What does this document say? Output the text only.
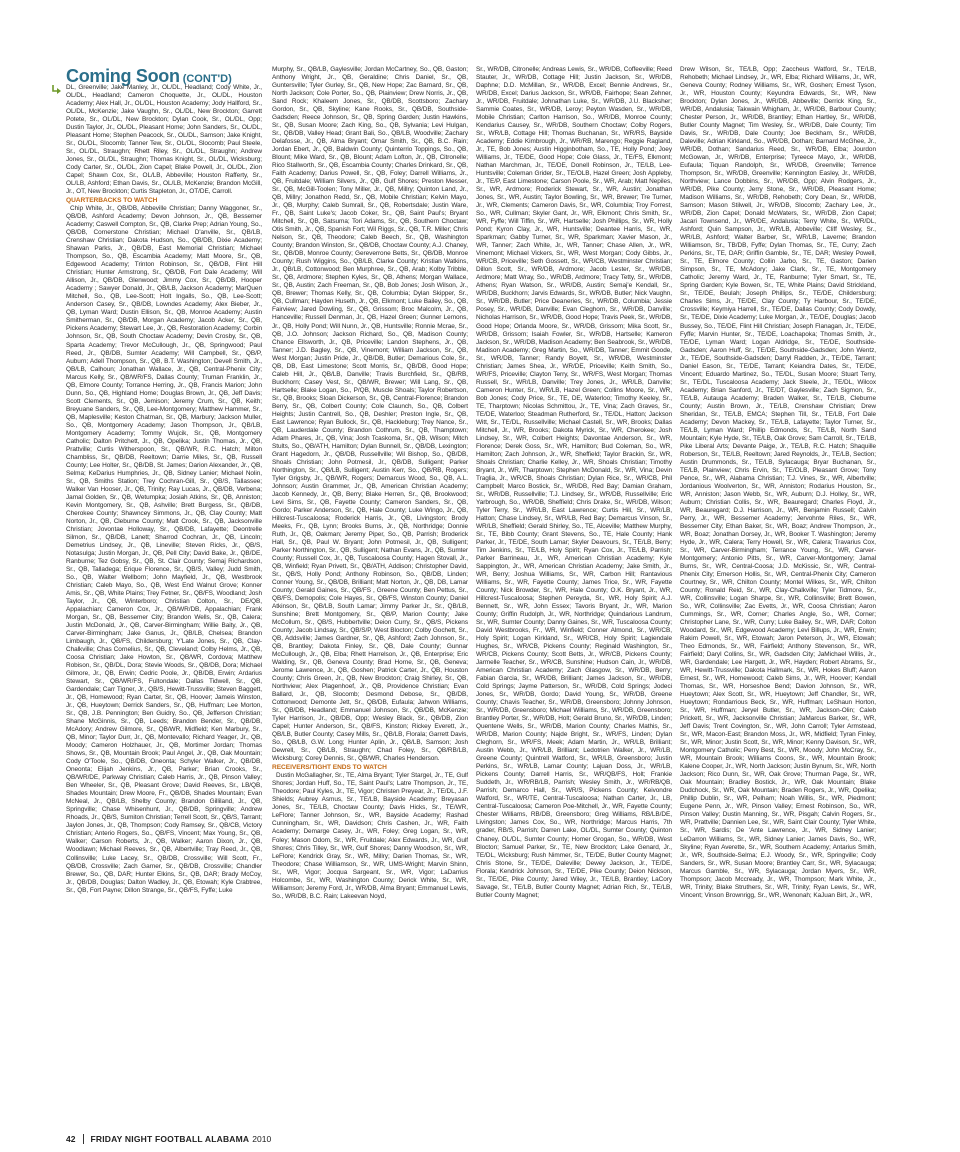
Coming Soon (CONT'D)

DL, Greenville; Jake Manley, Jr., OL/DL, Headland; Cody White, Jr., OL/DL, Headland; Cameron Choquette, Jr., OL/DL, Houston Academy; Alex Hall, Jr., OL/DL, Houston Academy; Jody Hallford, Sr., OL/DL, McKenzie; Jake Vaughn, Sr., OL/DL, New Brockton; Garrett Potete, Sr., OL/DL, New Brockton; Dylan Cook, Sr., OL/DL, Opp; Dustin Taylor, Jr., OL/DL, Pleasant Home; John Sanders, Sr., OL/DL, Pleasant Home; Stephen Peacock, Sr., OL/DL, Samson; Jake Knight, Sr., OL/DL, Slocomb; Tanner Tew, Sr., OL/DL, Slocomb; Paul Steele, Sr., OL/DL, Straughn; Rhett Riley, Sr., OL/DL, Straughn; Andrew Jones, Sr., OL/DL, Straughn; Thomas Knight, Sr., OL/DL, Wicksburg; Cody Carter, Sr., OL/DL, Zion Capel; Blake Powell, Jr., OL/DL, Zion Capel; Shawn Cox, Sr., OL/LB, Abbeville; Houston Rafferty, Sr., OL/LB, Ashford; Ethan Davis, Sr., OL/LB, McKenzie; Brandon McGill, Jr., OT, New Brockton; Curtis Stapleton, Jr., OT/DE, Carroll.

QUARTERBACKS TO WATCH

Chip White, Jr., QB/DB, Abbeville Christian; Danny Waggoner, Sr., QB/DB, Ashford Academy; Devon Johnson, Jr., QB, Bessemer Academy; Caswell Compton, Sr., QB, Clarke Prep; Adrian Young, So., QB/DB, Cornerstone Christian; Michael D'anville, Sr., QB/LB, Crenshaw Christian; Dakota Hudson, So., QB/DB, Dixie Academy; Shawan Parks, Jr., QB/DB, East Memorial Christian; Michael Thompson, So., QB, Escambia Academy; Matt Moore, Sr., QB, Edgewood Academy; Trinton Robinson, Sr., QB/DB, Flint Hill Christian; Hunter Armstrong, Sr., QB/DB, Fort Dale Academy; Will Allison, Jr., QB/DB, Glenwood; Jimmy Cox, Sr., QB/DB, Hooper Academy ; Sawyer Donald, Jr., QB/LB, Jackson Academy; MarQuen Mitchell, So., QB, Lee-Scott; Holt Ingalls, So., QB, Lee-Scott; Anderson Casey, Sr., QB/DB, Lowndes Academy; Alex Bieber, Jr., QB, Lyman Ward; Dustin Ellison, Sr., QB, Monroe Academy; Austin Smitherman, Sr., QB/DB, Morgan Academy; Jacob Acker, Sr., QB, Pickens Academy; Stewart Lee, Jr., QB, Restoration Academy; Corbin Johnson, Sr., QB, South Choctaw Academy; Devin Crosby, Sr., QB, Sparta Academy; Trevor McCullough, Jr., QB, Springwood; Paul Reed, Jr., QB/DB, Sumter Academy; Will Campbell, Sr., QB/P, Auburn; Adell Thompson, Sr., QB, B.T. Washington; Devell Smith, Jr., QB/LB, Calhoun; Jonathan Wallace, Jr., QB, Central-Phenix City; Marcus Kelly, Sr., QB/WR/FS, Dallas County; Truman Franklin, Jr., QB, Elmore County; Torrance Herring, Jr., QB, Francis Marion; John Dunn, So., QB, Highland Home; Douglas Brown, Jr., QB, Jeff Davis; Scott Clements, Sr., QB, Jemison; Jeremy Crum, Sr., QB, Keith; Breyuane Sanders, Sr., QB, Lee-Montgomery; Matthew Hammer, Sr., QB, Maplesville; Keston Chatman, Sr., QB, Marbury; Jackson Muller, So., QB, Montgomery Academy; Jason Thompson, Jr., QB/LB, Montgomery Academy; Tommy Wujcik, Sr., QB, Montgomery Catholic; Dalton Pritchett, Jr., QB, Opelika; Justin Thomas, Jr., QB, Prattville; Curtis Witherspoon, Sr., QB/WR, R.C. Hatch; Milton Chambliss, Sr., QB/DB, Reeltown; Darrie Miles, Sr., QB, Russell County; Lee Holter, Sr., QB/DB, St. James; Darion Alexander, Jr., QB, Selma; KeDarius Humphries, Jr., QB, Sidney Lanier; Michael Nolin, Sr., QB, Smiths Station; Trey Cochran-Gill, Sr., QB/S, Tallassee; Walker Van Hooser, Jr., QB, Trinity; Ray Lucas, Jr., QB/DB, Verbena; Jamal Golden, Sr., QB, Wetumpka; Josiah Atkins, Sr., QB, Anniston; Kevin Montgomery, Sr., QB, Ashville; Brett Burgess, Sr., QB/DB, Cherokee County; Shawncey Simmons, Jr., QB, Clay County; Matt Norton, Jr., QB, Cleburne County; Matt Crook, Sr., QB, Jacksonville Christian; Jovontae Holloway, Sr., QB/DB, Lafayette; Deontrelle Silmon, Sr., QB/DB, Lanett; Sharrod Cochran, Jr., QB, Lincoln; Demetrius Lindsey, Jr., QB, Lineville; Steven Ricks, Jr., QB/S, Notasulga; Justin Morgan, Jr., QB, Pell City; David Bake, Jr., QB/DE, Ranburne; Tez Gobsy, Sr., QB, St. Clair County; Semaj Richardson, Sr., QB, Talladega; Erique Florence, Sr., QB/S, Valley; Judd Smith, So., QB, Walter Wellborn; John Mayfield, Jr., QB, Westbrook Christian; Caleb Mayo, So., QB, West End Walnut Grove; Konner Amis, Sr., QB, White Plains; Trey Fetner, Sr., QB/FS, Woodland; Josh Taylor, Jr., QB, Winterboro; Christian Colton, Sr., DE/QB, Appalachian; Cameron Cox, Jr., QB/WR/DB, Appalachian; Frank Morgan, Sr., QB, Bessemer City; Brandon Wells, Sr., QB, Calera; Justin McDonald, Jr., QB, Carver-Birmingham; Willie Baity, Jr., QB, Carver-Birmingham; Jake Ganus, Jr., QB/LB, Chelsea; Brandon Limbaugh, Jr., QB/FS, Childersburg; Y'Late Jones, Sr., QB, Clay-Chalkville; Chas Cornelius, Sr., QB, Cleveland; Colby Helms, Jr., QB, Coosa Christian; Jake Howton, Sr., QB/WR, Cordova; Matthew Robison, Sr., QB/DL, Dora; Stevie Woods, Sr., QB/DB, Dora; Michael Gilmore, Jr., QB, Erwin; Cedric Poole, Jr., QB/DB, Erwin; Ardarius Stewart, Sr., QB/WR/FS, Fultondale; Dallas Tidwell, Sr., QB, Gardendale; Carr Tigner, Jr., QB/S, Hewitt-Trussville; Steven Baggett, Jr., QB, Homewood; Ryan Carter, Sr., QB, Hoover; Jameis Winston, Jr., QB, Hueytown; Derrick Sanders, Sr., QB, Huffman; Lee Morton, Sr., QB, J.B. Pennington; Ben Guidry, So., QB, Jefferson Christian; Shane McGinnis, Sr., QB, Leeds; Brandon Bender, Sr., QB/DB, McAdory; Andrew Gilmore, Sr., QB/WR, Midfield; Ken Marbury, Sr., QB, Minor; Taylor Durr, Jr., QB, Montevallo; Richard Yeager, Jr., QB, Moody; Cameron Holzhauer, Jr., QB, Mortimer Jordan; Thomas Shows, Sr., QB, Mountain Brook; Paul Angel, Jr., QB, Oak Mountain; Cody O'Toole, So., QB/DB, Oneonta; Schyler Walker, Jr., QB/DB, Oneonta; Elijah Jenkins, Jr., QB, Parker; Brian Crooks, Sr., QB/WR/DE, Parkway Christian; Caleb Harris, Jr., QB, Pinson Valley; Ben Wheeler, Sr., QB, Pleasant Grove; David Reeves, Sr., LB/QB, Shades Mountain; Drew Moore, Fr., QB/DB, Shades Mountain; Evan McNeal, Jr., QB/LB, Shelby County; Brandon Gilliland, Jr., QB, Springville; Chase Whisenhunt, Jr., QB/DB, Springville; Andrew Rhoads, Jr., QB/S, Sumiton Christian; Terrell Scott, Sr., QB/S, Tarrant; Jaylon Jones, Jr., QB, Thompson; Cody Ramsey, Sr., QB/CB, Victory Christian; Anterio Rogers, So., QB/FS, Vincent; Max Young, Sr., QB, Walker; Carson Roberts, Jr., QB, Walker; Aaron Dixon, Jr., QB, Woodlawn; Michael Reeves, Sr., QB, Albertville; Tray Reed, Jr., QB, Collinsville; Luke Lacey, Sr., QB/DB, Crossville; Will Scott, Fr., QB/DB, Crossville; Zach Garner, Sr., QB/DB, Crossville; Chandler Brewer, So., QB, DAR; Hunter Elkins, Sr., QB, DAR; Brady McCoy, Jr., QB/DB, Douglas; Dalton Wadley, Jr., QB, Etowah; Kyle Crabtree, Sr., QB, Fort Payne; Dillon Strange, Sr., QB/FS, Fyffe; Luke

Murphy, Sr., QB/LB, Gaylesville; Jordan McCartney, So., QB, Gaston; Anthony Wright, Jr., QB, Geraldine; Chris Daniel, Sr., QB, Guntersville; Tyler Gurley, Sr., QB, New Hope; Zac Barnard, Sr., QB, North Jackson; Cole Porter, So., QB, Plainview; Drew Norris, Jr., QB, Sand Rock; Khaleem Jones, Sr., QB/DB, Scottsboro; Zachary Gordon, Sr., QB, Skyline; Kane Rooks, Sr., QB/DB, Southside-Gadsden; Reece Johnson, Sr., QB, Spring Garden; Justin Hawkins, Sr., QB, Susan Moore; Zach King, So., QB, Sylvania; Levi Hulgan, Sr., QB/DB, Valley Head; Grant Bali, So., QB/LB, Woodville; Zachary Delafosse, Jr., QB, Alma Bryant; Omar Smith, Sr., QB, B.C. Rain; Jordan Ebert, Jr., QB, Baldwin County; Quinterrio Toppings, So., QB, Blount; Mike Ward, Sr., QB, Blount; Adam Lofton, Jr., QB, Citronelle; Rico Stallworth, Sr., QB, Escambia County; Charles Drinkard, Sr., QB, Faith Academy; Darius Powell, Sr., QB, Foley; Darrell Williams, Jr., QB, Fruitdale; William Silvers, Jr., QB, Gulf Shores; Preston Messer, Sr., QB, McGill-Toolen; Tony Miller, Jr., QB, Millry; Quinton Land, Jr., QB, Millry; Jonathon Redd, Sr., QB, Mobile Christian; Kelvin Mayo, Jr., QB, Murphy; Caleb Sumrall, Sr., QB, Robertsdale; Justin Ware, Fr., QB, Saint Luke's; Jacob Coker, Sr., QB, Saint Paul's; Bryant Mitchell, Sr., QB, Satsuma; Tori Adams, Sr., QB, Southern Choctaw; Otis Smith, Jr., QB, Spanish Fort; Wil Riggs, Sr., QB, T.R. Miller; Chris Nelson, Sr., QB, Theodore; Caleb Beech, Sr., QB, Washington County; Brandon Winston, Sr., QB/DB, Choctaw County; A.J. Chaney, Sr., QB/DB, Monroe County; Gereverrone Betts, Sr., QB/DB, Monroe County; Rush Wiggins, So., QB/LB, Clarke County; Kristian Watkins, Jr., QB/LB, Cottonwood; Ben Murphree, Sr., QB, Arab; Kolby Tribble, Sr., QB, Ardmore; Stephen Kyles, Sr., QB, Athens; Morgan Wallace, Sr., QB, Austin; Zach Freeman, Sr., QB, Bob Jones; Josh Wilson, Jr., QB, Brewer; Thomas Kelly, Sr., QB, Columbia; Dylan Skipper, Sr., QB, Cullman; Hayden Huseth, Jr., QB, Elkmont; Luke Bailey, So., QB, Fairview; Jared Dowling, Sr., QB, Grissom; Broc Malcolm, Jr., QB, Hanceville; Russell Denman, Jr., QB, Hazel Green; Gunner Lemons, Jr., QB, Holly Pond; Will Nunn, Jr., QB, Huntsville; Ronnie Mcrae, Sr., QB, J.O. Johnson; Jackson Richard, So., QB, Madison County; Chance Ellsworth, Jr., QB, Priceville; Landon Stephens, Jr., QB, Tanner; J.D. Bagley, Sr., QB, Vinemont; William Jackson, Sr., QB, West Morgan; Justin Pride, Jr., QB/DB, Butler; Demarious Cole, Sr., QB, DB, East Limestone; Scott Morris, Sr., QB/DB, Good Hope; Caleb Hill, Jr., QB/LB, Danville; Travis Burchfield, Sr., QB/RB, Buckhorn; Casey Vest, Sr., QB/WR, Brewer; Will Lang, Sr., QB, Hartselle; Blake Logan, So., P/QB, Muscle Shoals; Taylor Robertson, Sr., QB, Brooks; Sloan Dickerson, Sr., QB, Central-Florence; Brandon Berry, Sr., QB, Colbert County; Cole Claunch, So., QB, Colbert Heights; Justin Cantrell, So., QB, Deshler; Preston Ingle, Sr., QB, East Lawrence; Ryan Bullock, Sr., QB, Hackleburg; Trey Nance, Sr., QB, Lauderdale County; Brandon Cothrum, Sr., QB, Thamptown; Adam Phares, Jr., QB, Vina; Josh Tcaskoma, Sr., QB, Wilson; Mitch Stults, So., QB/ATH, Hamilton; Dylan Bunnell, Sr., QB/DB, Lexington; Grant Hagedorn, Jr., QB/DB, Russellville; Wil Bishop, So., QB/DB, Shoals Christian; John Potmesil, Jr., QB/DB, Sulligent; Parker Northington, Sr., QB/LB, Sulligent; Austin Kerr, So., QB/RB, Rogers; Tyler Grigsby, Jr., QB/WR, Rogers; Demarcus Wood, So., QB, A.L. Johnson; Austin Grammer, Jr., QB, American Christian Academy; Jacob Kennedy, Jr., QB, Berry; Blake Herren, Sr., QB, Brookwood; Levi Sims, Sr., QB, Fayette County; Cameron Sanders, Sr., QB, Gordo; Parker Anderson, Sr., QB, Hale County; Luke Wingo, Jr., QB, Hillcrest-Tuscaloosa; Roderick Harris, Jr., QB, Livingston; Brody Meeks, Fr., QB, Lynn; Brooks Burns, Jr., QB, Northridge; Donnie Ruth, Jr., QB, Oakman; Jeremy Piper, So., QB, Parrish; Broderick Hall, Sr., QB, Paul W. Bryant; John Potmesil, Jr., QB, Sulligent; Parker Northington, Sr., QB, Sulligent; Nathan Evans, Jr., QB, Sumter County; Russell Cox, Jr., QB, Tuscaloosa County; Hagen Stovall, Jr., QB, Winfield; Ryan Privett, Sr., QB/ATH, Addison; Christopher David, Sr., QB/S, Holly Pond; Anthony Robinson, So., QB/DB, Linden; Conner Young, Sr., QB/DB, Brilliant; Matt Norton, Jr., QB, DB, Lamar County; Gerald Gaines, Sr., QB/FS , Greene County; Ben Pettus, Sr., QB/FS, Demopolis; Cole Hayes, Sr., QB/FS, Winston County; Daniel Atkinson, Sr., QB/LB, South Lamar; Jimmy Parker Jr., Sr., QB/LB, Sunshine; Brett Montgomery, Sr., QB/P, Marion County; Jake McCollum, Sr., QB/S, Hubbertville; Deion Curry, Sr., QB/S, Pickens County; Jacob Lindsay, Sr., QB/S/P, West Blocton; Colby Gochett, Sr., QB, Addsville; James Gardner, Sr., QB, Ashford; Zach Johnson, Sr., QB, Brantley; Dakota Finley, Sr., QB, Dale County; Gunnar McCullough, Jr., QB, Elba; Rhett Harrelson, Jr., QB, Enterprise; Eric Walding, Sr., QB, Geneva County; Brad Horne, Sr., QB, Geneva; Jerome Lawrence, Jr., QB, Goshen; Patrick Carter, Jr., QB, Houston County; Chris Green, Jr., QB, New Brockton; Craig Shirley, Sr., QB, Northview; Alex Plagenhoef, Jr., QB, Providence Christian; Evan Ballard, Jr., QB, Slocomb; Desmond Debose, Sr., QB/DB, Cottonwood; Demonte Jett, Sr., QB/DB, Eufaula; Jahwon Williams, Sr., QB/DB, Headland; Emmanuel Johnson, Sr., QB/DB, McKenzie; Tyler Harrison, Jr., QB/DB, Opp; Wesley Black, Sr., QB/DB, Zion Capel; Hunter Anderson, Sr., QB/FS, Kinston; Rickey Everett, Jr., QB/LB, Butler County; Casey Mills, Sr., QB/LB, Florala; Garrett Davis, So., QB/LB, G.W. Long; Hunter Aplin, Jr., QB/LB, Samson; Josh Dewrell, Sr., QB/LB, Straughn; Chad Foley, Sr., QB/RB/LB, Wicksburg; Corey Dennis, Sr., QB/WR, Charles Henderson.

RECEIVERS/TIGHT ENDS TO WATCH

Dustin McGallagher, Sr., TE, Alma Bryant; Tyler Stargel, Jr., TE, Gulf Shores; Jordan Huff, So., TE, Saint Paul's; Latre Thompson, Jr., TE, Theodore; Paul Kyles, Jr., TE, Vigor; Christen Preyear, Jr., TE/DL, J.F. Shields; Aubrey Asmus, Sr., TE/LB, Bayside Academy; Breyasan Jones, Sr., TE/LB, Choctaw County; Davis Hicks, Sr., TE/WR, LeFlore; Tanner Johnson, Sr., WR, Bayside Academy; Rashad Cunningham, Sr., WR, Davidson; Chris Cashen, Jr., WR, Faith Academy; Demarge Casey, Jr., WR, Foley; Greg Logan, Sr., WR, Foley; Mason Odom, Sr., WR, Fruitdale; Alex Edwards, Jr., WR, Gulf Shores; Chris Tilley, Sr., WR, Gulf Shores; Danny Woodson, Sr., WR, LeFlore; Kendrick Gray, Sr., WR, Millry; Darien Thomas, Sr., WR, Theodore; Chase Williamson, Sr., WR, UMS-Wright; Marvin Shinn, Sr., WR, Vigor; Jocqua Sargeant, Sr., WR, Vigor; LaDarrius Holcombe, Sr., WR, Washington County; Derick White, Sr., WR, Williamson; Jeremy Ford, Jr., WR/DB, Alma Bryant; Emmanuel Lewis, So., WR/DB, B.C. Rain; Lakeevan Noyd,

Sr., WR/DB, Citronelle; Andreas Lewis, Sr., WR/DB, Coffeeville; Reed Stauter, Jr., WR/DB, Cottage Hill; Justin Jackson, Sr., WR/DB, Daphne; D.D. McMillan, Sr., WR/DB, Excel; Bennie Andrews, Sr., WR/DB, Excel; Darius Jackson, Sr., WR/DB, Fairhope; Sean Zehner, Jr., WR/DB, Fruitdale; Johnathan Luke, Sr., WR/DB, J.U. Blacksher; Sammie Coates, Sr., WR/DB, Leroy; Peyton Wasden, Sr., WR/DB, Mobile Christian; Carlton Harrison, So., WR/DB, Monroe County; Kendarius Causey, Sr., WR/DB, Southern Choctaw; Colby Rogers, Sr., WR/LB, Cottage Hill; Thomas Buchanan, Sr., WR/RS, Bayside Academy; Eddie Kimbrough, Jr., WR/RB, Marengo; Reggie Ragland, Jr., TE, Bob Jones; Austin Higginbotham, So., TE, Holly Pond; Joey Williams, Jr., TE/DE, Good Hope; Cole Glass, Jr., TE/FS, Elkmont; Nathan Marchman, Jr., TE/DE, Donell Robinson, Jr., TE/LB, Lee-Huntsville; Coleman Grider, Sr., TE/OLB, Hazel Green; Josh Appleby, Jr., TE/P, East Limestone; Carson Poole, Sr., WR, Arab; Matt Nepiles, Sr., WR, Ardmore; Roderick Stewart, Sr., WR, Austin; Jonathan Jones, Sr., WR, Austin; Taylor Bowling, Sr., WR, Brewer; Tre Turner, Jr., WR, Clements; Cameron Davis, Sr., WR, Columbia; Troy Forrest, So., WR, Cullman; Skyler Gant, Jr., WR, Elkmont; Chris Smith, Sr., WR, Fyffe; Will Tiffin, Sr., WR, Hartselle; Josh Phillips, Sr., WR, Holly Pond; Kyron Clay, Jr., WR, Huntsville; Deantee Harris, Sr., WR, Sparkman; Gabby Turner, Sr., WR, Sparkman; Xavier Mason, Jr., WR, Tanner; Zach White, Jr., WR, Tanner; Chase Allen, Jr., WR, Vinemont; Michael Vickers, Sr., WR, West Morgan; Cody Gibbs, Jr., WR/CB, Priceville; Seth Gossett, Sr., WR/CB, Westminster Christian; Dillon Scott, Sr., WR/DB, Ardmore; Jacob Lester, Sr., WR/DB, Ardmore; Matt Wray, So., WR/DB, Ardmore; Tracy Tetty, Sr., WR/DB, Athens; Ryan Watson, Sr., WR/DB, Austin; Semaj'e Kendall, Sr., WR/DB, Buckhorn; Jarvis Edwards, Sr., WR/DB, Butler; Nick Vaughn, Sr., WR/DB, Butler; Price Deaneries, Sr., WR/DB, Columbia; Jessie Posey, Sr., WR/DB, Danville; Evan Cleghorn, Sr., WR/DB, Danville; Nicholas Harrison, Sr., WR/DB, Good Hope; Travis Peek, Sr., WR/DB, Good Hope; Orlanda Moore, Sr., WR/DB, Grissom; Mika Scott, Sr., WR/DB, Grissom; Isaiah Fowler, Sr., WR/DB, Hartselle; Kameron Jackson, Sr., WR/DB, Madison Academy; Ben Seabrook, Sr., WR/DB, Madison Academy; Greg Martin, So., WR/DB, Tanner; Emmit Goode, Sr., WR/DB, Tanner; Randy Boyett, Sr., WR/DB, Westminster Christian; James Shea, Jr., WR/DE, Priceville; Keith Smith, So., WR/FS, Priceville; Clayton Terry, Sr., WR/FS, West Morgan; Thomas Russell, Sr., WR/LB, Danville; Trey Jones, Jr., WR/LB, Danville; Cameron Hunter, Sr., WR/LB, Hazel Green; Collins Moore, Sr., WR, Bob Jones; Cody Price, Sr., TE, DE, Waterloo; Timothy Keeley, Sr., TE, Tharptown; Nicolas Schmittou, Jr., TE, Vina; Zach Graves, Sr., TE/DE, Waterloo; Steadman Rutherford, Sr., TE/DL, Hatton; Jackson Witt, Sr., TE/DL, Russellville; Michael Castell, Sr., WR, Brooks; Dallas Mitchell, Jr., WR, Brooks; Dakota Myrick, Sr., WR, Cherokee; Josh Lindsey, Sr., WR, Colbert Heights; Davontae Anderson, Sr., WR, Florence; Derek Goss, Sr., WR, Hamilton; Bud Coleman, So., WR, Hamilton; Zach Johnson, Jr., WR, Sheffield; Taylor Brackin, Sr., WR, Shoals Christian; Charlie Kelley, Jr., WR, Shoals Christian; Timothy Bryant, Jr., WR, Tharptown; Stephen McDonald, Sr., WR, Vina; Devin Traglia, Jr., WR/CB, Shoals Christian; Dylan Rice, Sr., WR/CB, Phil Campbell; Marco Bostick, Sr., WR/DB, Red Bay; Damian Graham, Sr., WR/DB, Russellville; T.J. Lindsey, Sr., WR/DB, Russellville; Eric Yarbrough, So., WR/DB, Sheffield; Chris Drake, Sr., WR/DB, Wilson; Tyler Terry, Sr., WR/LB, East Lawrence; Curtis Hill, Sr., WR/LB, Hatton; Chase Lindsey, Sr., WR/LB, Red Bay; Demarcus Vinson, Sr., WR/LB, Sheffield; Gerald Shirley, So., TE, Alceville; Matthew Murphy, Sr., TE, Bibb County; Grant Stevens, So., TE, Hale County; Hank Parker, Jr., TE/DE, South Lamar; Skyler Deavours, Sr., TE/LB, Berry; Tim Jenkins, Sr., TE/LB, Holy Spirit; Ryan Cox, Jr., TE/LB, Parrish; Parker Barrineau, Jr., WR, American Christian Academy; Kyle Sappington, Jr., WR, American Christian Academy; Jake Smith, Jr., WR, Berry; Joshua Williams, Sr., WR, Carbon Hill; Rantavious Williams, Sr., WR, Fayette County; James Trice, Sr., WR, Fayette County; Nick Browder, Sr., WR, Hale County; O.K. Bryant, Jr., WR, Hillcrest-Tuscaloosa; Stephen Pereyda, Sr., WR, Holy Spirit; A.J. Bennett, Sr., WR, John Essex; Tavoris Bryant, Jr., WR, Marion County; Griffin Rudolph, Jr., WR, Northridge; Quindarious Landrum, Sr., WR, Sumter County; Danny Gaines, Sr., WR, Tuscaloosa County; David Westbrooks, Fr., WR, Winfield; Conner Almond, Sr., WR/CB, Holy Spirit; Logan Kirkland, Sr., WR/CB, Holy Spirit; Lagiendale Hughes, Sr., WR/CB, Pickens County; Reginald Washington, Sr., WR/CB, Pickens County; Scott Betts, Jr., WR/CB, Pickens County; Jarmelle Teacher, Sr., WR/CB, Sunshine; Hudson Cain, Jr., WR/DB, American Christian Academy; Zach Glasgow, Sr., WR/DB, Berry; Fabian Garcia, Sr., WR/DB, Brilliant; James Jackson, Sr., WR/DB, Cold Springs; Jayme Patterson, Sr., WR/DB, Cold Springs; Jodeci Jones, Sr., WR/DB, Gordo; David Young, Sr., WR/DB, Greene County; Chavis Teacher, Sr., WR/DB, Greensboro; Johnny Johnson, Sr., WR/DB, Greensboro; Michael Williams, Sr., WR/DB, Greensboro; Brantley Porter, Sr., WR/DB, Holt; Gerald Bruno, Sr., WR/DB, Linden; Quentene Wells, Sr., WR/DB, Marion County; Charles Mathis, Sr., WR/DB, Marion County; Najde Bright, Sr., WR/FS, Linden; Dylan Cleghorn, Sr., WR/FS, Meek; Adam Martin, Jr., WR/LB, Brilliant; Austin Webb, Jr., WR/LB, Brilliant; Ledotrien Walker, Jr., WR/LB, Greene County; Quintrell Watford, Sr., WR/LB, Greensboro; Justin Perkins, Sr., WR/LB, Lamar County; Lajuan Doss, Jr., WR/LB, Pickens County; Darrell Harris, Sr., WR/QB/FS, Holt; Frankie Suddeth, Jr., WR/RB/LB, Parrish; Wesley Smith, Jr., WR/RB/QB, Parrish; Demarco Hall, Sr., WR/S, Pickens County; Keivondre Watford, Sr., WR/TE, Central-Tuscaloosa; Nathan Carter, Jr., LB, Central-Tuscaloosa; Cameron Poe-Mitchell, Jr., WR, Fayette County; Chester Williams, RB/DB, Greensboro; Greg Williams, RB/LB/DE, Livingston; James Cox, So., WR, Northridge; Marcus Harris, 7th grader, RB/S, Parrish; Darren Lake, OL/DL, Sumter County; Quinton Chaney, OL/DL, Sumter County; Homer Grogan, So., WR/DB, West Blocton; Samuel Parker, Sr., TE, New Brockton; Lake Genard, Jr., TE/DL, Wicksburg; Rush Nimmer, Sr., TE/DE, Butler County Magnet; Chris Stone, Sr., TE/DE, Daleville; Dewey Jackson, Jr., TE/DE, Florala; Kendrick Johnson, Sr., TE/DE, Pike County; Deion Nickson, Sr., TE/DE, Pike County; Jared Wiley, Jr., TE/LB, Brantley; LaCory Savage, Sr., TE/LB, Butler County Magnet; Adrian Rich, Sr., TE/LB, Butler County Magnet;

Drew Wilson, Sr., TE/LB, Opp; Zaccheus Watford, Sr., TE/LB, Rehobeth; Michael Lindsey, Jr., WR, Elba; Richard Williams, Jr., WR, Geneva County; Rodney Williams, Sr., WR, Goshen; Ernest Tyson, Jr., WR, Houston County; Keyundra Edwards, Sr., WR, New Brockton; Dylan Jones, Jr., WR/DB, Abbeville; Derrick King, Sr., WR/DB, Andalusia; Takwain Whigham, Jr., WR/DB, Barbour County; Chester Person, Jr., WR/DB, Brantley; Ethan Hartley, Sr., WR/DB, Butler County Magnet; Tim Wesley, Sr., WR/DB, Dale County; Tim Davis, Sr., WR/DB, Dale County; Joe Beckham, Sr., WR/DB, Daleville; Adrian Kirkland, So., WR/DB, Dothan; Barnard McGhee, Jr., WR/DB, Dothan; Sandarius Reed, Sr., WR/DB, Elba; Jourdon McGowan, Jr., WR/DB, Enterprise; Tyreece Mayo, Jr., WR/DB, Eufaula; Tiquan Randolph, Sr., WR/DB, Greenville; Terrence Thompson, Sr., WR/DB, Greenville; Kennington Easley, Jr., WR/DB, Northview; Lance Dobbins, Sr., WR/DB, Opp; Alvin Rodgers, Jr., WR/DB, Pike County; Jerry Stone, Sr., WR/DB, Pleasant Home; Madison Williams, Sr., WR/DB, Rehobeth; Cory Dean, Sr., WR/DB, Samson; Mason Stilwell, Jr., WR/DB, Slocomb; Zachary Lee, Jr., WR/DB, Zion Capel; Donald McWaters, Sr., WR/DB, Zion Capel; Jacari Townsend, Jr., WR/DE, Andalusia; Terry White, Sr., WR/DL, Ashford; Quin Sampson, Jr., WR/LB, Abbeville; Cliff Wesley, Sr., WR/LB, Ashford; Walter Barber, Sr., WR/LB, Laverne; Brandon Williamson, Sr., TB/DB, Fyffe; Dylan Thomas, Sr., TE, Curry; Zach Perkins, Sr., TE, DAR; Griffin Gamble, Sr., TE, DAR; Wesley Powell, Sr., TE, Elmore County; Collin Jarbo, Sr., TE, Gaston; Darien Simpson, Sr., TE, McAdory; Jake Clark, Sr., TE, Montgomery Catholic; Jeremy Ward, Jr., TE, Ranburne; Tyler Smart, Sr., TE, Spring Garden; Kyle Bowen, Sr., TE, White Plains; David Strickland, Sr., TE/DE, Beulah; Joseph Phillips, Sr., TE/DE, Childersburg; Charles Sims, Jr., TE/DE, Clay County; Ty Harbour, Sr., TE/DE, Crossville; Keymiya Harrell, Sr., TE/DE, Dallas County; Cody Dowdy, Sr., TE/DE, Dixie Academy; Luke Morgan, Jr., TE/DE, Douglas; Jacob Bussey, So., TE/DE, Flint Hill Christian; Joseph Flanagan, Jr., TE/DE, Fyffe; Marvin Hunter, Sr., TE/DE, Loachapoka; Thomas Smith, Jr., TE/DE, Lyman Ward; Logan Aldridge, Sr., TE/DE, Southside-Gadsden; Aaron Huff, Sr., TE/DE, Southside-Gadsden; John Wentz, Jr., TE/DE, Southside-Gadsden; Darryl Radden, Jr., TE/DE, Tarrant; Daniel Eason, Sr., TE/DE, Tarrant; Keiandra Dates, Sr., TE/DE, Vincent; Eduardo Martinez, So., TE/DL, Susan Moore; Stuart Terry, Sr., TE/DL, Tuscaloosa Academy; Jack Steele, Jr., TE/DL, Wilcox Academy; Brian Sanford, Jr., TE/DT, Gaylesville; Zach Sigmon, Sr., TE/LB, Autauga Academy; Braden Walker, Sr., TE/LB, Cleburne County; Austin Brown, Jr., TE/LB, Crenshaw Christian; Drew Sheridan, Sr., TE/LB, EMCA; Stephen Till, Sr., TE/LB, Fort Dale Academy; Devon Mackey, Sr., TE/LB, Lafayette; Taylor Turner, Sr., TE/LB, Lyman Ward; Phillip Edmonds, Sr., TE/LB, North Sand Mountain; Kyle Hyde, Sr., TE/LB, Oak Grove; Sam Carroll, Sr., TE/LB, Pike Liberal Arts; Devante Paige, Jr., TE/LB, R.C. Hatch; Shaquille Roberson, Sr., TE/LB, Reeltown; Jared Reynolds, Jr., TE/LB, Section; Austin Drummonds, Sr., TE/LB, Sylacauga; Bryar Buchanan, Sr., TE/LB, Plainview; Chris Ervin, Sr., TE/OLB, Pleasant Grove; Tony Pence, Sr., WR, Alabama Christian; T.J. Vines, Sr., WR, Albertville; Jordanious Woolverton, Sr., WR, Anniston; Rodarius Houston, Sr., WR, Anniston; Jason Webb, Sr., WR, Auburn; D.J. Holley, Sr., WR, Auburn; Christian Collis, Sr., WR, Beauregard; Charles Floyd, Jr., WR, Beauregard; D.J. Harrison, Jr., WR, Benjamin Russell; Calvin Perry, Jr., WR, Bessemer Academy; Jervohnte Riles, Sr., WR, Bessemer City; Ethan Baker, Sr., WR, Boaz; Andrew Thompson, Jr., WR, Boaz; Jonathan Dorsey, Jr., WR, Booker T. Washington; Jeremy Hyde, Jr., WR, Calera; Terry Howell, Sr., WR, Calera; Travarius Cox, Sr., WR, Carver-Birmingham; Terrance Young, Sr., WR, Carver-Montgomery; Antonio Pitts, Sr., WR, Carver-Montgomery; Jamal Burns, Sr., WR, Central-Coosa; J.D. McKissic, Sr., WR, Central-Phenix City; Emerson Hollis, Sr., WR, Central-Phenix City; Cameron Courtney, Sr., WR, Chilton County; Montel Wilkes, Sr., WR, Chilton County; Ronald Reid, Sr., WR, Clay-Chalkville; Tyler Tidmore, Sr., WR, Collinsville; Logan Sharpe, Sr., WR, Collinsville; Brett Bowen, So., WR, Collinsville; Zac Evetts, Jr., WR, Coosa Christian; Aaron Cummings, Sr., WR, Corner; Charles Angle, So., WR, Corner; Christopher Lane, Sr., WR, Curry; Luke Bailey, Sr., WR, DAR; Colton Woodard, Sr., WR, Edgewood Academy; Levi Billups, Jr., WR, Erwin; Rakim Powell, Sr., WR, Etowah; Jaron Peterson, Jr., WR, Etowah; Theo Edmonds, Sr., WR, Fairfield; Anthony Stevenson, Sr., WR, Fairfield; Daryl Collins, Sr., WR, Gadsden City; JaMichael Willis, Jr., WR, Gardendale; Lee Hargett, Jr., WR, Hayden; Robert Abrams, Sr., WR, Hewitt-Trussville; Dakota Hallmark, Sr., WR, Hokes Bluff; Aaron Ernest, Sr., WR, Homewood; Caleb Sims, Jr., WR, Hoover; Kendall Thomas, Sr., WR, Horseshoe Bend; Davion Johnson, Sr., WR, Hueytown; Alex Scott, Sr., WR, Hueytown; Jeff Chandler, Sr., WR, Hueytown; Rondarrious Beck, Sr., WR, Huffman; LeShaun Horton, Sr., WR, Huffman; Jeryel Butler, Sr., WR, Jackson-Olin; Caleb Prickett, Sr., WR, Jacksonville Christian; JaMarcus Barker, Sr., WR, Jeff Davis; Trent Covington, Sr., WR, John Carroll; Tyler Armstead, Sr., WR, Macon-East; Brandon Moss, Jr., WR, Midfield; Tyran Finley, Sr., WR, Minor; Justin Scott, Sr., WR, Minor; Kenny Davison, Sr., WR, Montgomery Catholic; Perry Best, Sr., WR, Moody; John McCray, Sr., WR, Mountain Brook; Williams Coons, Sr., WR, Mountain Brook; Kalene Cooper, Jr., WR, North Jackson; Justin Bynum, Sr., WR, North Jackson; Rico Dunn, Sr., WR, Oak Grove; Thurman Page, Sr., WR, Oak Mountain; Bradley Bostick, Jr., WR, Oak Mountain; Blake Dudchock, Sr., WR, Oak Mountain; Braden Rogers, Jr., WR, Opelika; Phillip Dublin, Sr., WR, Pelham; Noah Willis, Sr., WR, Piedmont; Eugene Penn, Jr., WR, Pinson Valley; Ernest Robinson, So., WR, Pinson Valley; Dustin Manning, Sr., WR, Pisgah; Calvin Rogers, Sr., WR, Prattville; Dannien Lee, Sr., WR, Saint Clair County; Tyler White, Sr., WR, Sardis; De 'Ante Lawrence, Jr., WR, Sidney Lanier; LeDarron Williams, Sr., WR, Sidney Lanier; James Davis, So., WR, Skyline; Ryan Averette, Sr., WR, Southern Academy; Antarius Smith, Jr., WR, Southside-Selma; E.J. Woody, Sr., WR, Springville; Cody Sanders, Sr., WR, Susan Moore; Brantley Carr, Sr., WR, Sylacauga; Marcus Gamble, Sr., WR, Sylacauga; Jordan Myers, Sr., WR, Thompson; Jacob Mccready, Jr., WR, Thompson; Mark White, Jr., WR, Trinity; Blake Struthers, Sr., WR, Trinity; Ryan Lewis, Sr., WR, Vincent; Vinson Brownrigg, Sr., WR, Wenonah; KaJuan Birt, Jr., WR,

42 FRIDAY NIGHT FOOTBALL ALABAMA 2010
